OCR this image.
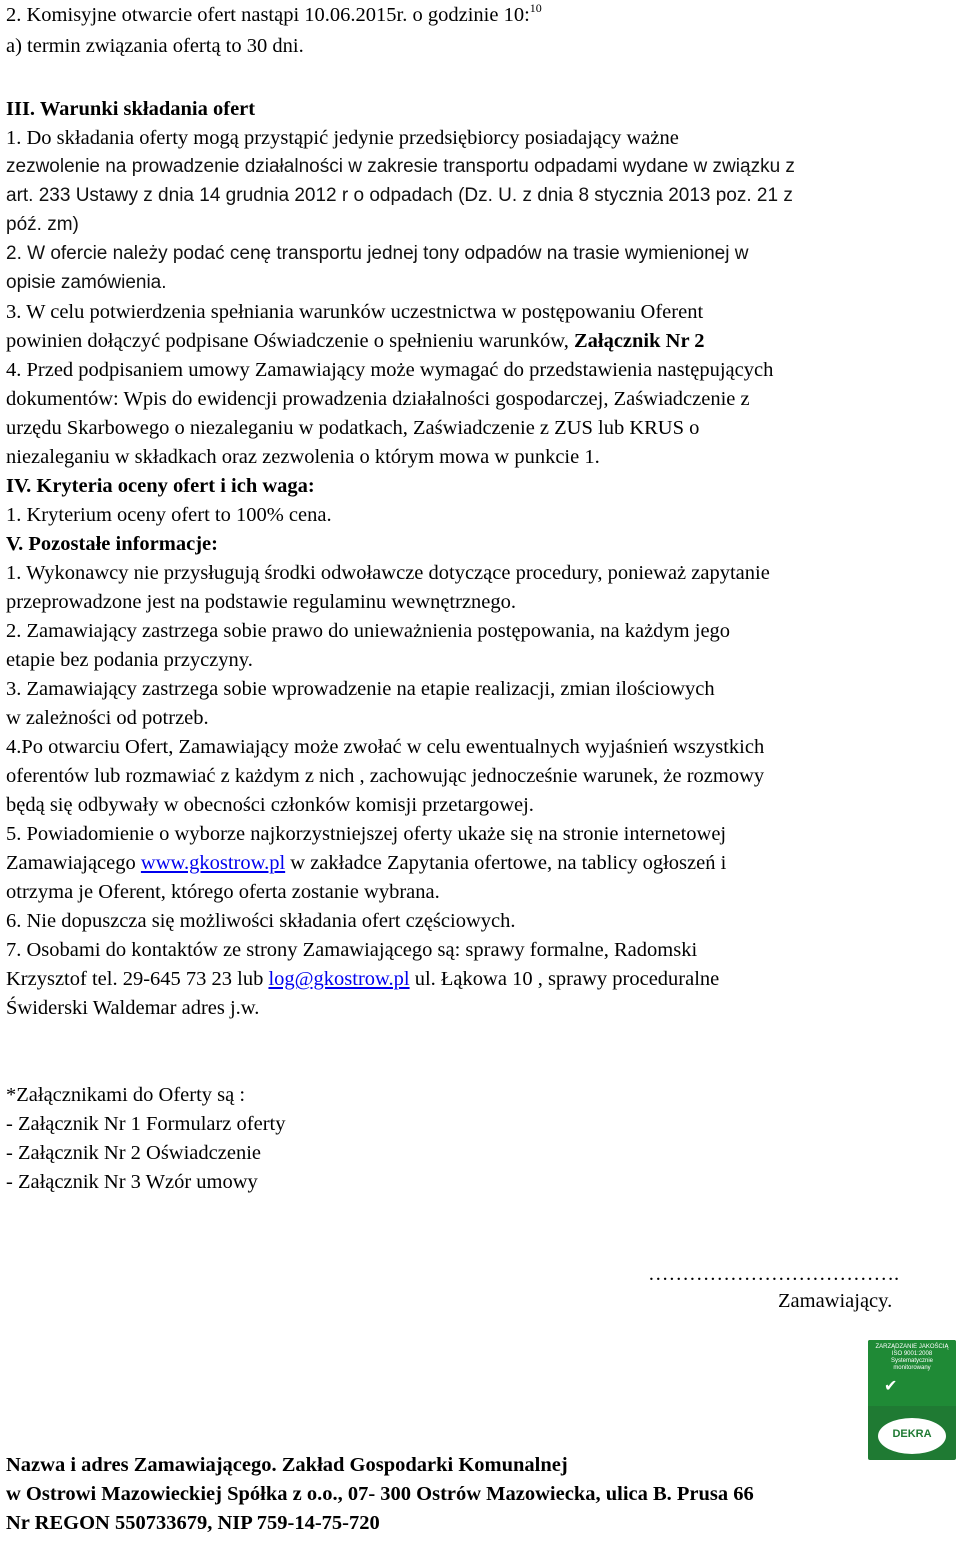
2. Komisyjne otwarcie ofert nastąpi 10.06.2015r. o godzinie 10:$^{10}$
a) termin związania ofertą to 30 dni.
III. Warunki składania ofert
1. Do składania oferty mogą przystąpić jedynie przedsiębiorcy posiadający ważne
zezwolenie na prowadzenie działalności w zakresie transportu odpadami wydane w związku z
art. 233 Ustawy z dnia 14 grudnia 2012 r o odpadach (Dz. U. z dnia 8 stycznia 2013 poz. 21 z
póź. zm)
2. W ofercie należy podać cenę transportu jednej tony odpadów na trasie wymienionej w
opisie zamówienia.
3. W celu potwierdzenia spełniania warunków uczestnictwa w postępowaniu Oferent
powinien dołączyć podpisane Oświadczenie o spełnieniu warunków, Załącznik Nr 2
4. Przed podpisaniem umowy Zamawiający może wymagać do przedstawienia następujących
dokumentów: Wpis do ewidencji prowadzenia działalności gospodarczej, Zaświadczenie z
urzędu Skarbowego o niezaleganiu w podatkach, Zaświadczenie z ZUS lub KRUS o
niezaleganiu w składkach oraz zezwolenia o którym mowa w punkcie 1.
IV. Kryteria oceny ofert i ich waga:
1. Kryterium oceny ofert to 100% cena.
V. Pozostałe informacje:
1. Wykonawcy nie przysługują środki odwoławcze dotyczące procedury, ponieważ zapytanie
przeprowadzone jest na podstawie regulaminu wewnętrznego.
2. Zamawiający zastrzega sobie prawo do unieważnienia postępowania, na każdym jego
etapie bez podania przyczyny.
3. Zamawiający zastrzega sobie wprowadzenie na etapie realizacji, zmian ilościowych
w zależności od potrzeb.
4.Po otwarciu Ofert, Zamawiający może zwołać w celu ewentualnych wyjaśnień wszystkich
oferentów lub rozmawiać z każdym z nich , zachowując jednocześnie warunek, że rozmowy
będą się odbywały w obecności członków komisji przetargowej.
5. Powiadomienie o wyborze najkorzystniejszej oferty ukaże się na stronie internetowej
Zamawiającego www.gkostrow.pl w zakładce Zapytania ofertowe, na tablicy ogłoszeń i
otrzyma je Oferent, którego oferta zostanie wybrana.
6. Nie dopuszcza się możliwości składania ofert częściowych.
7. Osobami do kontaktów ze strony Zamawiającego są: sprawy formalne, Radomski
Krzysztof tel. 29-645 73 23 lub log@gkostrow.pl ul. Łąkowa 10 , sprawy proceduralne
Świderski Waldemar adres j.w.
*Załącznikami do Oferty są :
- Załącznik Nr 1 Formularz oferty
- Załącznik Nr 2 Oświadczenie
- Załącznik Nr 3 Wzór umowy
……………………………….
Zamawiający.
ZARZĄDZANIE JAKOŚCIĄ ISO 9001:2008 Systematycznie monitorowany
✔
DEKRA
Nazwa i adres Zamawiającego. Zakład Gospodarki Komunalnej
w Ostrowi Mazowieckiej Spółka z o.o., 07- 300 Ostrów Mazowiecka, ulica B. Prusa 66
Nr REGON 550733679, NIP 759-14-75-720
